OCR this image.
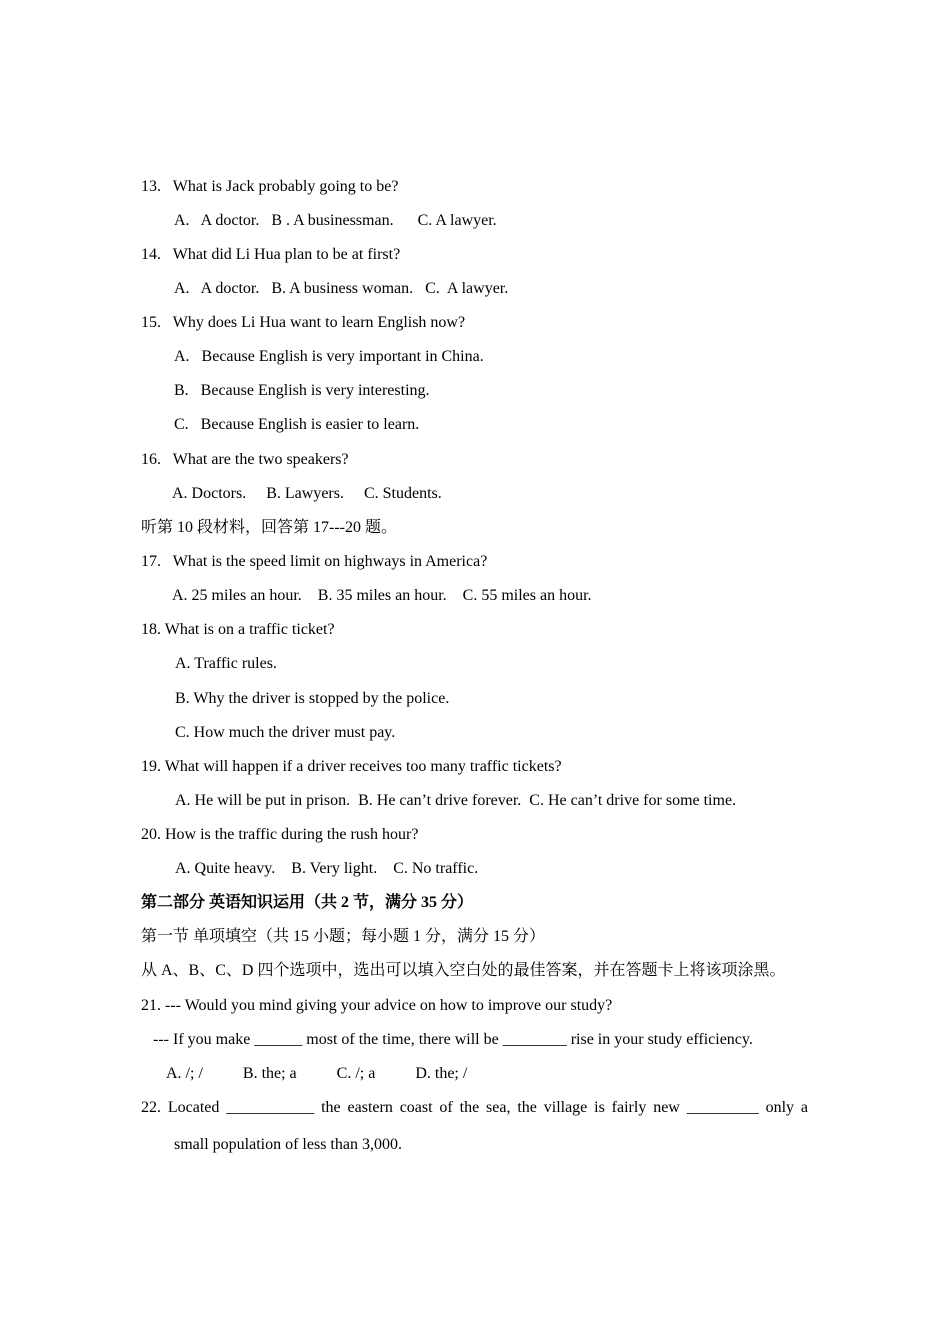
13.   What is Jack probably going to be?
A.   A doctor.   B . A businessman.      C. A lawyer.
14.   What did Li Hua plan to be at first?
A.   A doctor.   B. A business woman.   C.  A lawyer.
15.   Why does Li Hua want to learn English now?
A.   Because English is very important in China.
B.   Because English is very interesting.
C.   Because English is easier to learn.
16.   What are the two speakers?
A. Doctors.     B. Lawyers.     C. Students.
听第 10 段材料，回答第 17---20 题。
17.   What is the speed limit on highways in America?
A. 25 miles an hour.    B. 35 miles an hour.    C. 55 miles an hour.
18. What is on a traffic ticket?
A. Traffic rules.
B. Why the driver is stopped by the police.
C. How much the driver must pay.
19. What will happen if a driver receives too many traffic tickets?
A. He will be put in prison.  B. He can’t drive forever.  C. He can’t drive for some time.
20. How is the traffic during the rush hour?
A. Quite heavy.    B. Very light.    C. No traffic.
第二部分 英语知识运用（共 2 节，满分 35 分）
第一节 单项填空（共 15 小题；每小题 1 分，满分 15 分）
从 A、B、C、D 四个选项中，选出可以填入空白处的最佳答案，并在答题卡上将该项涂黑。
21. --- Would you mind giving your advice on how to improve our study?
--- If you make ______ most of the time, there will be ________ rise in your study efficiency.
A. /; /          B. the; a          C. /; a          D. the; /
22. Located ___________ the eastern coast of the sea, the village is fairly new _________ only a
small population of less than 3,000.
